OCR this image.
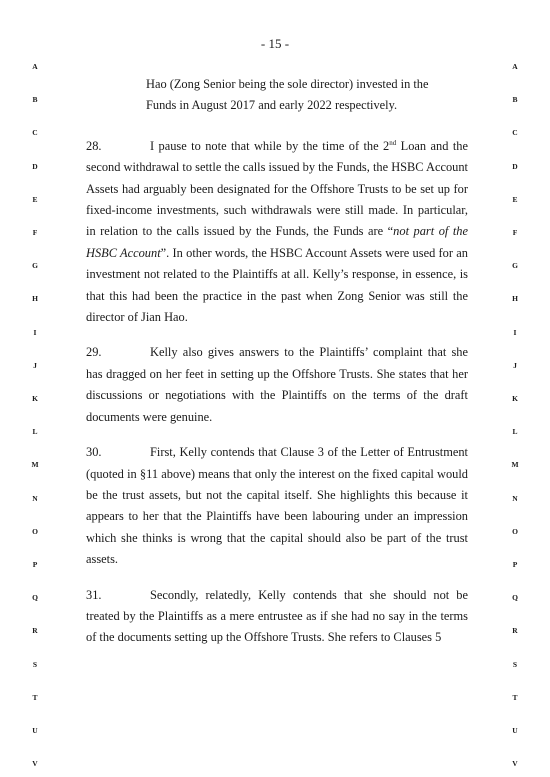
- 15 -
A	A
B	B
C	C
D	D
E	E
F	F
G	G
H	H
I	I
J	J
K	K
L	L
M	M
N	N
O	O
P	P
Q	Q
R	R
S	S
T	T
U	U
V	V
Hao (Zong Senior being the sole director) invested in the
Funds in August 2017 and early 2022 respectively.

28.	I pause to note that while by the time of the 2nd Loan and the second withdrawal to settle the calls issued by the Funds, the HSBC Account Assets had arguably been designated for the Offshore Trusts to be set up for fixed-income investments, such withdrawals were still made. In particular, in relation to the calls issued by the Funds, the Funds are “not part of the HSBC Account”. In other words, the HSBC Account Assets were used for an investment not related to the Plaintiffs at all. Kelly’s response, in essence, is that this had been the practice in the past when Zong Senior was still the director of Jian Hao.

29.	Kelly also gives answers to the Plaintiffs’ complaint that she has dragged on her feet in setting up the Offshore Trusts. She states that her discussions or negotiations with the Plaintiffs on the terms of the draft documents were genuine.

30.	First, Kelly contends that Clause 3 of the Letter of Entrustment (quoted in §11 above) means that only the interest on the fixed capital would be the trust assets, but not the capital itself. She highlights this because it appears to her that the Plaintiffs have been labouring under an impression which she thinks is wrong that the capital should also be part of the trust assets.

31.	Secondly, relatedly, Kelly contends that she should not be treated by the Plaintiffs as a mere entrustee as if she had no say in the terms of the documents setting up the Offshore Trusts. She refers to Clauses 5
